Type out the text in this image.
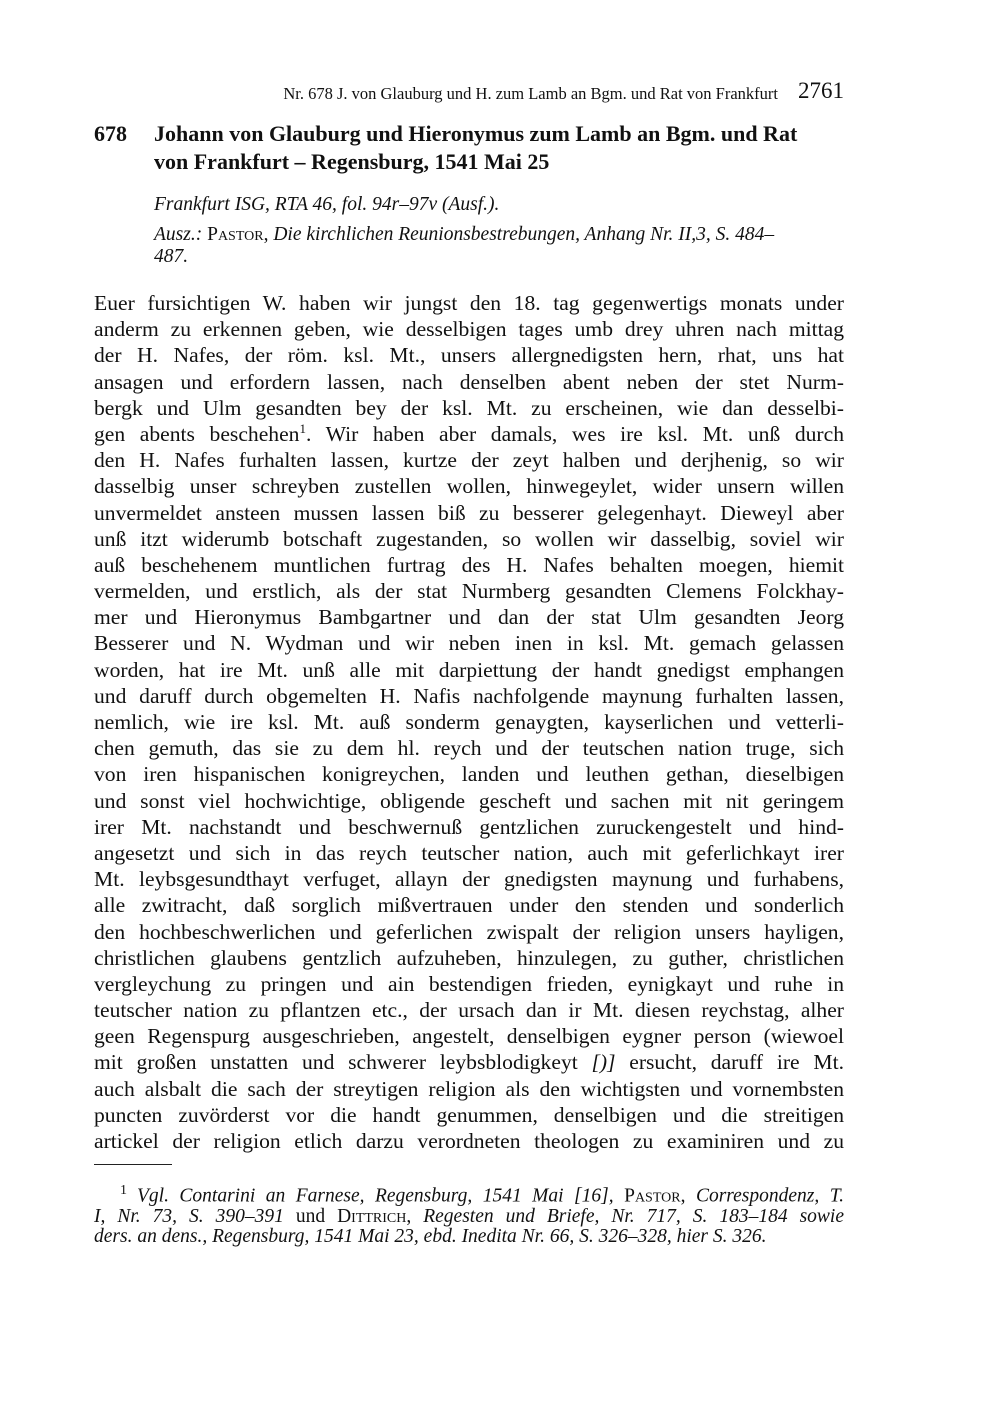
Nr. 678 J. von Glauburg und H. zum Lamb an Bgm. und Rat von Frankfurt 2761
678 Johann von Glauburg und Hieronymus zum Lamb an Bgm. und Rat
von Frankfurt – Regensburg, 1541 Mai 25

Frankfurt ISG, RTA 46, fol. 94r–97v (Ausf.).

Ausz.: Pastor, Die kirchlichen Reunionsbestrebungen, Anhang Nr. II,3, S. 484–
487.

Euer fursichtigen W. haben wir jungst den 18. tag gegenwertigs monats under
anderm zu erkennen geben, wie desselbigen tages umb drey uhren nach mittag
der H. Nafes, der röm. ksl. Mt., unsers allergnedigsten hern, rhat, uns hat
ansagen und erfordern lassen, nach denselben abent neben der stet Nurm-
bergk und Ulm gesandten bey der ksl. Mt. zu erscheinen, wie dan desselbi-
gen abents beschehen$^1$. Wir haben aber damals, wes ire ksl. Mt. unß durch
den H. Nafes furhalten lassen, kurtze der zeyt halben und derjhenig, so wir
dasselbig unser schreyben zustellen wollen, hinwegeylet, wider unsern willen
unvermeldet ansteen mussen lassen biß zu besserer gelegenhayt. Dieweyl aber
unß itzt widerumb botschaft zugestanden, so wollen wir dasselbig, soviel wir
auß beschehenem muntlichen furtrag des H. Nafes behalten moegen, hiemit
vermelden, und erstlich, als der stat Nurmberg gesandten Clemens Folckhay-
mer und Hieronymus Bambgartner und dan der stat Ulm gesandten Jeorg
Besserer und N. Wydman und wir neben inen in ksl. Mt. gemach gelassen
worden, hat ire Mt. unß alle mit darpiettung der handt gnedigst emphangen
und daruff durch obgemelten H. Nafis nachfolgende maynung furhalten lassen,
nemlich, wie ire ksl. Mt. auß sonderm genaygten, kayserlichen und vetterli-
chen gemuth, das sie zu dem hl. reych und der teutschen nation truge, sich
von iren hispanischen konigreychen, landen und leuthen gethan, dieselbigen
und sonst viel hochwichtige, obligende gescheft und sachen mit nit geringem
irer Mt. nachstandt und beschwernuß gentzlichen zuruckengestelt und hind-
angesetzt und sich in das reych teutscher nation, auch mit geferlichkayt irer
Mt. leybsgesundthayt verfuget, allayn der gnedigsten maynung und furhabens,
alle zwitracht, daß sorglich mißvertrauen under den stenden und sonderlich
den hochbeschwerlichen und geferlichen zwispalt der religion unsers hayligen,
christlichen glaubens gentzlich aufzuheben, hinzulegen, zu guther, christlichen
vergleychung zu pringen und ain bestendigen frieden, eynigkayt und ruhe in
teutscher nation zu pflantzen etc., der ursach dan ir Mt. diesen reychstag, alher
geen Regenspurg ausgeschrieben, angestelt, denselbigen eygner person (wiewoel
mit großen unstatten und schwerer leybsblodigkeyt [)] ersucht, daruff ire Mt.
auch alsbalt die sach der streytigen religion als den wichtigsten und vornembsten
puncten zuvörderst vor die handt genummen, denselbigen und die streitigen
artickel der religion etlich darzu verordneten theologen zu examiniren und zu
$^1$ Vgl. Contarini an Farnese, Regensburg, 1541 Mai [16], Pastor, Correspondenz, T.
I, Nr. 73, S. 390–391 und Dittrich, Regesten und Briefe, Nr. 717, S. 183–184 sowie
ders. an dens., Regensburg, 1541 Mai 23, ebd. Inedita Nr. 66, S. 326–328, hier S. 326.
